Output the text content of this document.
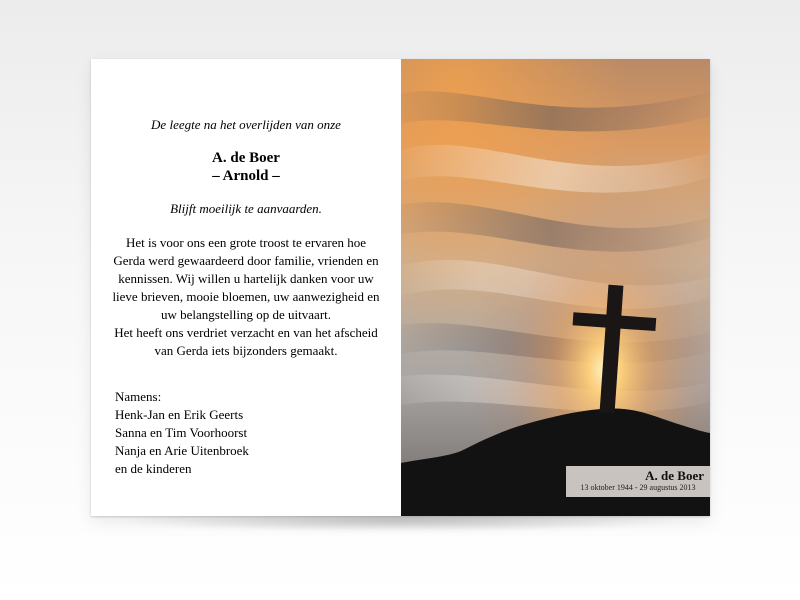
De leegte na het overlijden van onze
A. de Boer
– Arnold –
Blijft moeilijk te aanvaarden.

Het is voor ons een grote troost te ervaren hoe

Gerda werd gewaardeerd door familie, vrienden en

kennissen. Wij willen u hartelijk danken voor uw

lieve brieven, mooie bloemen, uw aanwezigheid en

uw belangstelling op de uitvaart.

Het heeft ons verdriet verzacht en van het afscheid

van Gerda iets bijzonders gemaakt.

Namens:
Henk-Jan en Erik Geerts
Sanna en Tim Voorhoorst
Nanja en Arie Uitenbroek
en de kinderen	A. de Boer
13 oktober 1944 - 29 augustus 2013
